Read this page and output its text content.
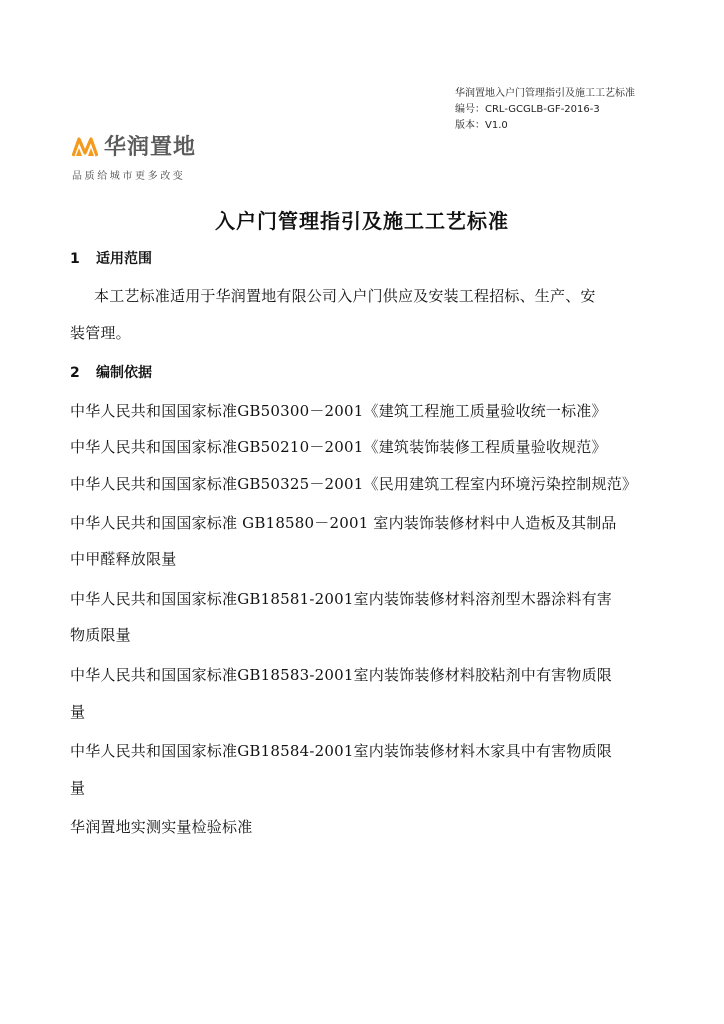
华润置地入户门管理指引及施工工艺标准
编号：CRL-GCGLB-GF-2016-3
版本：V1.0
华润置地
品质给城市更多改变
入户门管理指引及施工工艺标准
1 适用范围
本工艺标准适用于华润置地有限公司入户门供应及安装工程招标、生产、安
装管理。
2 编制依据
中华人民共和国国家标准GB50300－2001《建筑工程施工质量验收统一标准》
中华人民共和国国家标准GB50210－2001《建筑装饰装修工程质量验收规范》
中华人民共和国国家标准GB50325－2001《民用建筑工程室内环境污染控制规范》
中华人民共和国国家标准 GB18580－2001 室内装饰装修材料中人造板及其制品
中甲醛释放限量
中华人民共和国国家标准GB18581-2001室内装饰装修材料溶剂型木器涂料有害
物质限量
中华人民共和国国家标准GB18583-2001室内装饰装修材料胶粘剂中有害物质限
量
中华人民共和国国家标准GB18584-2001室内装饰装修材料木家具中有害物质限
量
华润置地实测实量检验标准
